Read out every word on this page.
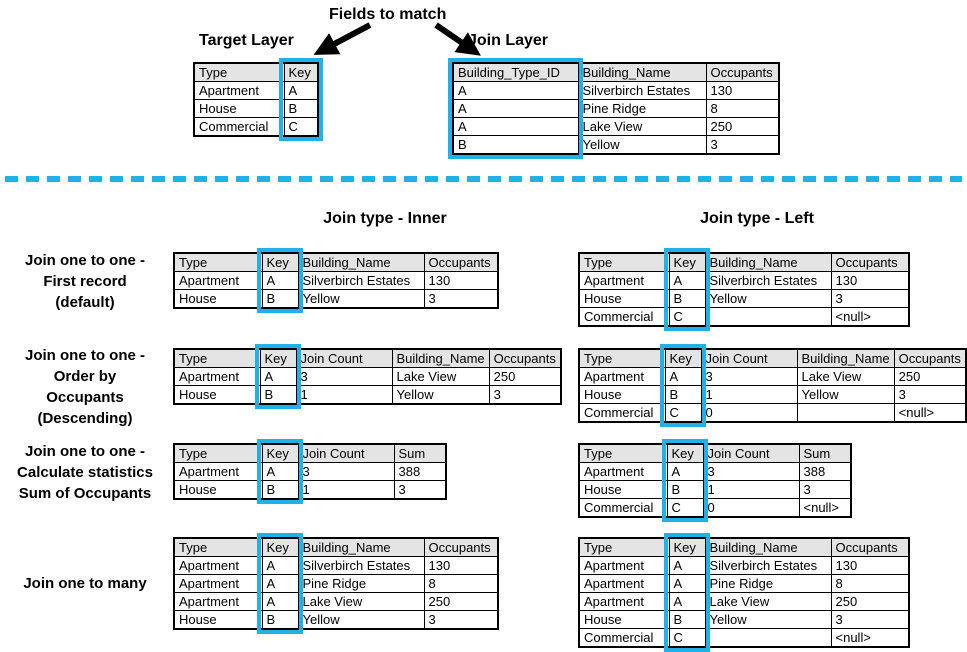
Fields to match
Target Layer	Join Layer
Type	Key
Apartment	A
House	B
Commercial	C
Building_Type_ID	Building_Name	Occupants
A	Silverbirch Estates	130
A	Pine Ridge	8
A	Lake View	250
B	Yellow	3
Join type - Inner	Join type - Left
Join one to one -
First record
(default)
Type	Key	Building_Name	Occupants
Apartment	A	Silverbirch Estates	130
House	B	Yellow	3
Type	Key	Building_Name	Occupants
Apartment	A	Silverbirch Estates	130
House	B	Yellow	3
Commercial	C		<null>
Join one to one -
Order by
Occupants
(Descending)
Type	Key	Join Count	Building_Name	Occupants
Apartment	A	3	Lake View	250
House	B	1	Yellow	3
Type	Key	Join Count	Building_Name	Occupants
Apartment	A	3	Lake View	250
House	B	1	Yellow	3
Commercial	C	0		<null>
Join one to one -
Calculate statistics
Sum of Occupants
Type	Key	Join Count	Sum
Apartment	A	3	388
House	B	1	3
Type	Key	Join Count	Sum
Apartment	A	3	388
House	B	1	3
Commercial	C	0	<null>
Join one to many
Type	Key	Building_Name	Occupants
Apartment	A	Silverbirch Estates	130
Apartment	A	Pine Ridge	8
Apartment	A	Lake View	250
House	B	Yellow	3
Type	Key	Building_Name	Occupants
Apartment	A	Silverbirch Estates	130
Apartment	A	Pine Ridge	8
Apartment	A	Lake View	250
House	B	Yellow	3
Commercial	C		<null>
